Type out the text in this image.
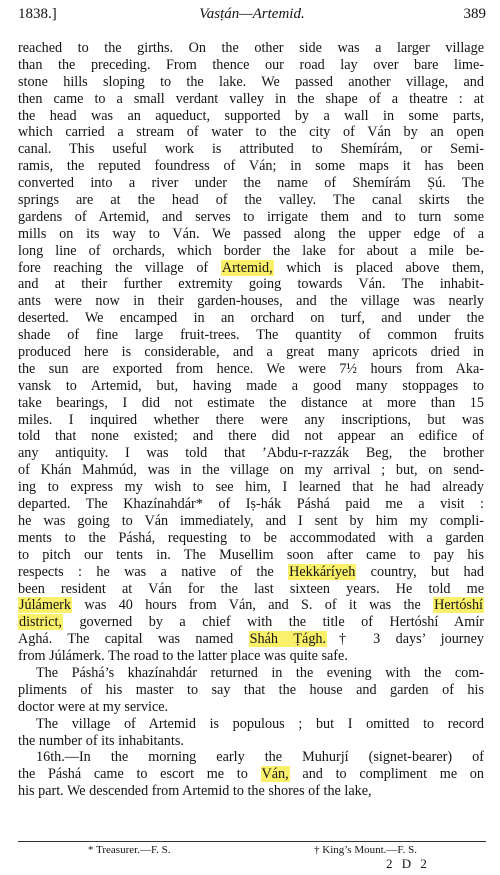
1838.]	Vasṭán—Artemid.	389
reached to the girths. On the other side was a larger village
than the preceding. From thence our road lay over bare lime-
stone hills sloping to the lake. We passed another village, and
then came to a small verdant valley in the shape of a theatre : at
the head was an aqueduct, supported by a wall in some parts,
which carried a stream of water to the city of Ván by an open
canal. This useful work is attributed to Shemírám, or Semi-
ramis, the reputed foundress of Ván; in some maps it has been
converted into a river under the name of Shemírám Ṣú. The
springs are at the head of the valley. The canal skirts the
gardens of Artemid, and serves to irrigate them and to turn some
mills on its way to Ván. We passed along the upper edge of a
long line of orchards, which border the lake for about a mile be-
fore reaching the village of Artemid, which is placed above them,
and at their further extremity going towards Ván. The inhabit-
ants were now in their garden-houses, and the village was nearly
deserted. We encamped in an orchard on turf, and under the
shade of fine large fruit-trees. The quantity of common fruits
produced here is considerable, and a great many apricots dried in
the sun are exported from hence. We were 7½ hours from Aka-
vansk to Artemid, but, having made a good many stoppages to
take bearings, I did not estimate the distance at more than 15
miles. I inquired whether there were any inscriptions, but was
told that none existed; and there did not appear an edifice of
any antiquity. I was told that ’Abdu-r-razzák Beg, the brother
of Khán Mahmúd, was in the village on my arrival ; but, on send-
ing to express my wish to see him, I learned that he had already
departed. The Khazínahdár* of Iṣ-hák Páshá paid me a visit :
he was going to Ván immediately, and I sent by him my compli-
ments to the Páshá, requesting to be accommodated with a garden
to pitch our tents in. The Musellim soon after came to pay his
respects : he was a native of the Hekkáríyeh country, but had
been resident at Ván for the last sixteen years. He told me
Júlámerk was 40 hours from Ván, and S. of it was the Hertóshí
district, governed by a chief with the title of Hertóshí Amír
Aghá. The capital was named Sháh Ṭágh.† 3 days’ journey
from Júlámerk. The road to the latter place was quite safe.
The Páshá’s khazínahdár returned in the evening with the com-
pliments of his master to say that the house and garden of his
doctor were at my service.
The village of Artemid is populous ; but I omitted to record
the number of its inhabitants.
16th.—In the morning early the Muhurjí (signet-bearer) of
the Páshá came to escort me to Ván, and to compliment me on
his part. We descended from Artemid to the shores of the lake,
* Treasurer.—F. S.	† King’s Mount.—F. S.
2 D 2
